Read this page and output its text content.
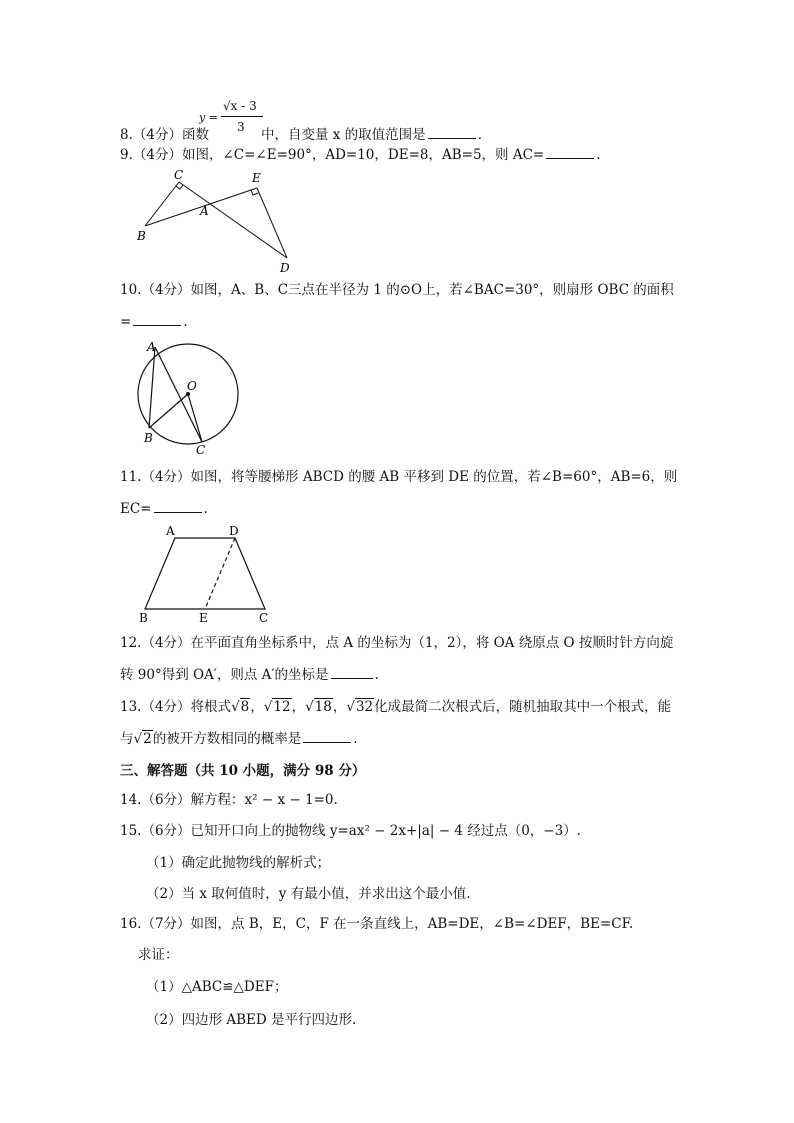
8.（4分）函数
y =
√x - 3
3 中，自变量 x 的取值范围是	.
9.（4分）如图，∠C=∠E=90°，AD=10，DE=8，AB=5，则 AC=	.
C	E
A
B
D
10.（4分）如图，A、B、C三点在半径为 1 的⊙O上，若∠BAC=30°，则扇形 OBC 的面积
=	.
A
O
B
C
11.（4分）如图，将等腰梯形 ABCD 的腰 AB 平移到 DE 的位置，若∠B=60°，AB=6，则
EC=	.
A	D
B	E	C
12.（4分）在平面直角坐标系中，点 A 的坐标为（1，2），将 OA 绕原点 O 按顺时针方向旋
转 90°得到 OA′，则点 A′的坐标是	.
13.（4分）将根式√8，√12，√18，√32化成最简二次根式后，随机抽取其中一个根式，能
与√2的被开方数相同的概率是	.
三、解答题（共 10 小题，满分 98 分）
14.（6分）解方程：x² − x − 1=0.
15.（6分）已知开口向上的抛物线 y=ax² − 2x+|a| − 4 经过点（0，−3）.
（1）确定此抛物线的解析式；
（2）当 x 取何值时，y 有最小值，并求出这个最小值.
16.（7分）如图，点 B，E，C，F 在一条直线上，AB=DE，∠B=∠DEF，BE=CF.
求证：
（1）△ABC≌△DEF；
（2）四边形 ABED 是平行四边形.
